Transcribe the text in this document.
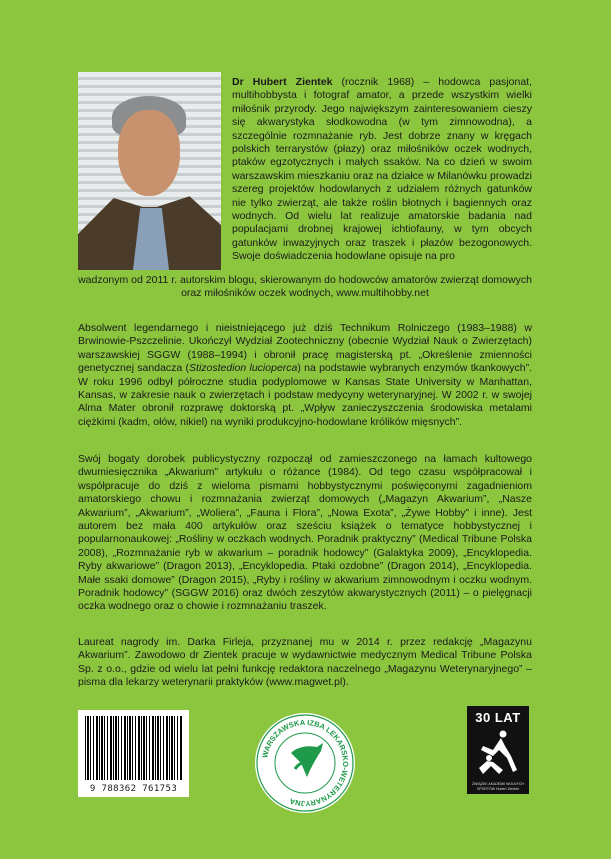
Dr Hubert Zientek (rocznik 1968) – hodowca pasjonat, multihobbysta i fotograf amator, a przede wszystkim wielki miłośnik przyrody. Jego największym zainteresowaniem cieszy się akwarystyka słodkowodna (w tym zimnowodna), a szczególnie rozmnażanie ryb. Jest dobrze znany w kręgach polskich terrarystów (płazy) oraz miłośników oczek wodnych, ptaków egzotycznych i małych ssaków. Na co dzień w swoim warszawskim mieszkaniu oraz na działce w Milanówku prowadzi szereg projektów hodowlanych z udziałem różnych gatunków nie tylko zwierząt, ale także roślin błotnych i bagiennych oraz wodnych. Od wielu lat realizuje amatorskie badania nad populacjami drobnej krajowej ichtiofauny, w tym obcych gatunków inwazyjnych oraz traszek i płazów bezogonowych. Swoje doświadczenia hodowlane opisuje na pro

wadzonym od 2011 r. autorskim blogu, skierowanym do hodowców amatorów zwierząt domowych oraz miłośników oczek wodnych, www.multihobby.net

Absolwent legendarnego i nieistniejącego już dziś Technikum Rolniczego (1983–1988) w Brwinowie-Pszczelinie. Ukończył Wydział Zootechniczny (obecnie Wydział Nauk o Zwierzętach) warszawskiej SGGW (1988–1994) i obronił pracę magisterską pt. „Określenie zmienności genetycznej sandacza (Stizostedion lucioperca) na podstawie wybranych enzymów tkankowych”. W roku 1996 odbył półroczne studia podyplomowe w Kansas State University w Manhattan, Kansas, w zakresie nauk o zwierzętach i podstaw medycyny weterynaryjnej. W 2002 r. w swojej Alma Mater obronił rozprawę doktorską pt. „Wpływ zanieczyszczenia środowiska metalami ciężkimi (kadm, ołów, nikiel) na wyniki produkcyjno-hodowlane królików mięsnych”.

Swój bogaty dorobek publicystyczny rozpoczął od zamieszczonego na łamach kultowego dwumiesięcznika „Akwarium” artykułu o różance (1984). Od tego czasu współpracował i współpracuje do dziś z wieloma pismami hobbystycznymi poświęconymi zagadnieniom amatorskiego chowu i rozmnażania zwierząt domowych („Magazyn Akwarium”, „Nasze Akwarium”, „Akwarium”, „Woliera”, „Fauna i Flora”, „Nowa Exota”, „Żywe Hobby” i inne). Jest autorem bez mała 400 artykułów oraz sześciu książek o tematyce hobbystycznej i popularnonaukowej: „Rośliny w oczkach wodnych. Poradnik praktyczny” (Medical Tribune Polska 2008), „Rozmnażanie ryb w akwarium – poradnik hodowcy” (Galaktyka 2009), „Encyklopedia. Ryby akwariowe” (Dragon 2013), „Encyklopedia. Ptaki ozdobne” (Dragon 2014), „Encyklopedia. Małe ssaki domowe” (Dragon 2015), „Ryby i rośliny w akwarium zimnowodnym i oczku wodnym. Poradnik hodowcy” (SGGW 2016) oraz dwóch zeszytów akwarystycznych (2011) – o pielęgnacji oczka wodnego oraz o chowie i rozmnażaniu traszek.

Laureat nagrody im. Darka Firleja, przyznanej mu w 2014 r. przez redakcję „Magazynu Akwarium”. Zawodowo dr Zientek pracuje w wydawnictwie medycznym Medical Tribune Polska Sp. z o.o., gdzie od wielu lat pełni funkcję redaktora naczelnego „Magazynu Weterynaryjnego” – pisma dla lekarzy weterynarii praktyków (www.magwet.pl).

9 788362 761753
WARSZAWSKA IZBA LEKARSKO-WETERYNARYJNA
30 LAT
ZWIĄZEK AKADEMII WOLNYCH SPORTÓW Hubert Zientek
